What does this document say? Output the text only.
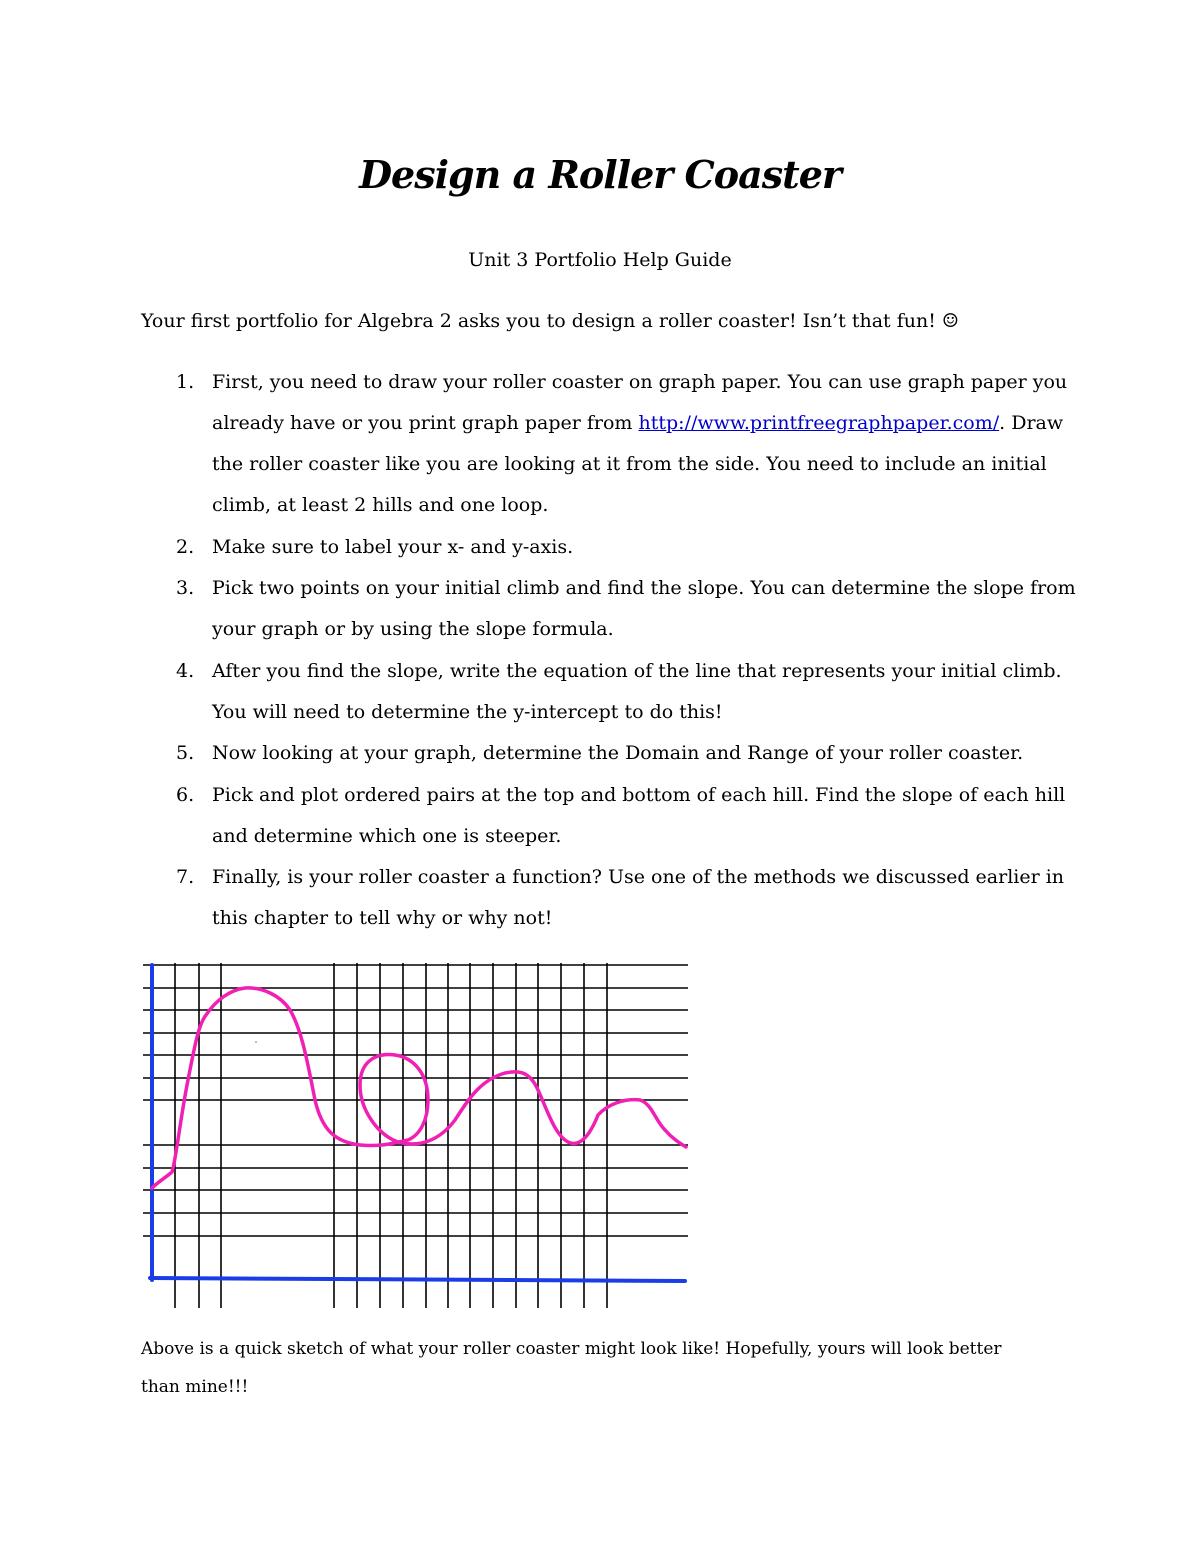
Design a Roller Coaster
Unit 3 Portfolio Help Guide
Your first portfolio for Algebra 2 asks you to design a roller coaster! Isn’t that fun! ☺
1. First, you need to draw your roller coaster on graph paper. You can use graph paper you already have or you print graph paper from http://www.printfreegraphpaper.com/. Draw the roller coaster like you are looking at it from the side. You need to include an initial climb, at least 2 hills and one loop.
2. Make sure to label your x- and y-axis.
3. Pick two points on your initial climb and find the slope. You can determine the slope from your graph or by using the slope formula.
4. After you find the slope, write the equation of the line that represents your initial climb. You will need to determine the y-intercept to do this!
5. Now looking at your graph, determine the Domain and Range of your roller coaster.
6. Pick and plot ordered pairs at the top and bottom of each hill. Find the slope of each hill and determine which one is steeper.
7. Finally, is your roller coaster a function? Use one of the methods we discussed earlier in this chapter to tell why or why not!
Above is a quick sketch of what your roller coaster might look like! Hopefully, yours will look better than mine!!!
